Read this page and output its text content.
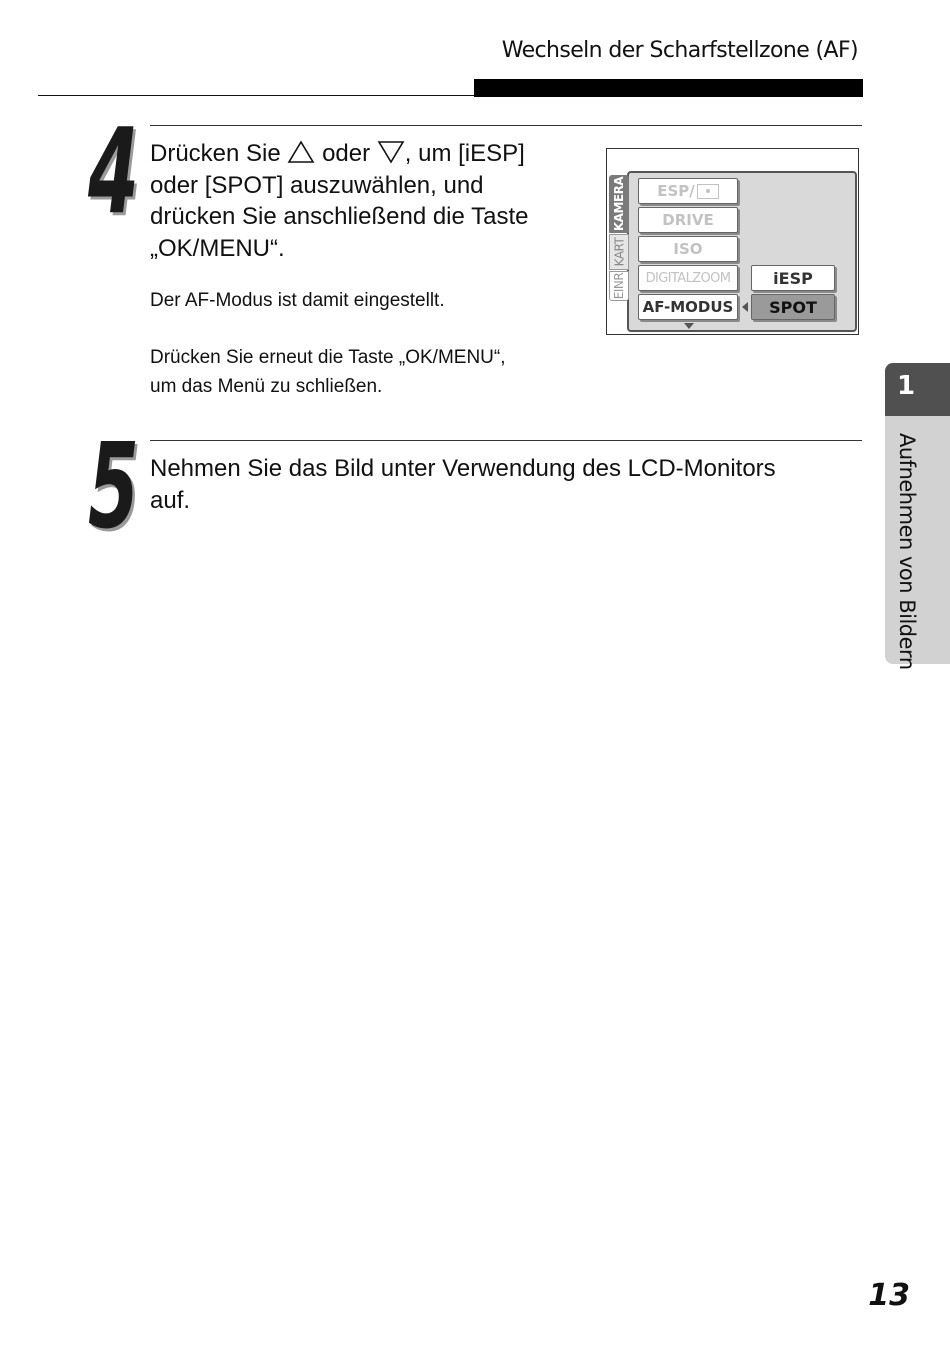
Wechseln der Scharfstellzone (AF)
4 Drücken Sie oder , um [iESP]
oder [SPOT] auszuwählen, und
drücken Sie anschließend die Taste
„OK/MENU“.
Der AF-Modus ist damit eingestellt.
Drücken Sie erneut die Taste „OK/MENU“,
um das Menü zu schließen.
KAMERA
KART
EINR
ESP/
DRIVE
ISO
DIGITALZOOM
AF-MODUS
iESP
SPOT
5 Nehmen Sie das Bild unter Verwendung des LCD-Monitors
auf.
1
Aufnehmen von Bildern
13
